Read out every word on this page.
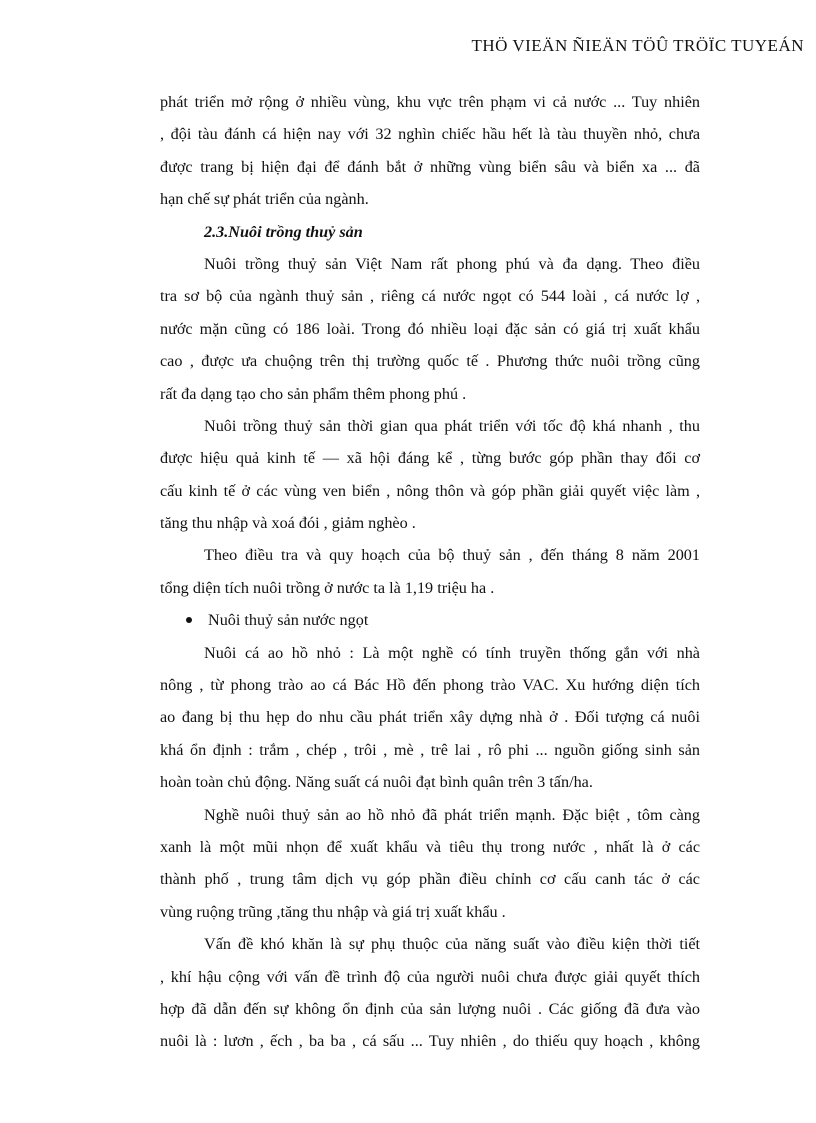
THÖ VIEÄN ÑIEÄN TÖÛ TRÖÏC TUYEÁN
phát triển mở rộng ở nhiều vùng, khu vực trên phạm vi cả nước ... Tuy nhiên
, đội tàu đánh cá hiện nay với 32 nghìn chiếc hầu hết là tàu thuyền nhỏ, chưa
được trang bị hiện đại để đánh bắt ở những vùng biển sâu và biển xa ... đã
hạn chế sự phát triển của ngành.
2.3.Nuôi trồng thuỷ sản
Nuôi trồng thuỷ sản Việt Nam rất phong phú và đa dạng. Theo điều
tra sơ bộ của ngành thuỷ sản , riêng cá nước ngọt có 544 loài , cá nước lợ ,
nước mặn cũng có 186 loài. Trong đó nhiều loại đặc sản có giá trị xuất khẩu
cao , được ưa chuộng trên thị trường quốc tế . Phương thức nuôi trồng cũng
rất đa dạng tạo cho sản phẩm thêm phong phú .
Nuôi trồng thuỷ sản thời gian qua phát triển với tốc độ khá nhanh , thu
được hiệu quả kinh tế — xã hội đáng kể , từng bước góp phần thay đổi cơ
cấu kinh tế ở các vùng ven biển , nông thôn và góp phần giải quyết việc làm ,
tăng thu nhập và xoá đói , giảm nghèo .
Theo điều tra và quy hoạch của bộ thuỷ sản , đến tháng 8 năm 2001
tổng diện tích nuôi trồng ở nước ta là 1,19 triệu ha .
Nuôi thuỷ sản nước ngọt
Nuôi cá ao hồ nhỏ : Là một nghề có tính truyền thống gắn với nhà
nông , từ phong trào ao cá Bác Hồ đến phong trào VAC. Xu hướng diện tích
ao đang bị thu hẹp do nhu cầu phát triển xây dựng nhà ở . Đối tượng cá nuôi
khá ổn định : trắm , chép , trôi , mè , trê lai , rô phi ... nguồn giống sinh sản
hoàn toàn chủ động. Năng suất cá nuôi đạt bình quân trên 3 tấn/ha.
Nghề nuôi thuỷ sản ao hồ nhỏ đã phát triển mạnh. Đặc biệt , tôm càng
xanh là một mũi nhọn để xuất khẩu và tiêu thụ trong nước , nhất là ở các
thành phố , trung tâm dịch vụ góp phần điều chỉnh cơ cấu canh tác ở các
vùng ruộng trũng ,tăng thu nhập và giá trị xuất khẩu .
Vấn đề khó khăn là sự phụ thuộc của năng suất vào điều kiện thời tiết
, khí hậu cộng với vấn đề trình độ của người nuôi chưa được giải quyết thích
hợp đã dẫn đến sự không ổn định của sản lượng nuôi . Các giống đã đưa vào
nuôi là : lươn , ếch , ba ba , cá sấu ... Tuy nhiên , do thiếu quy hoạch , không
